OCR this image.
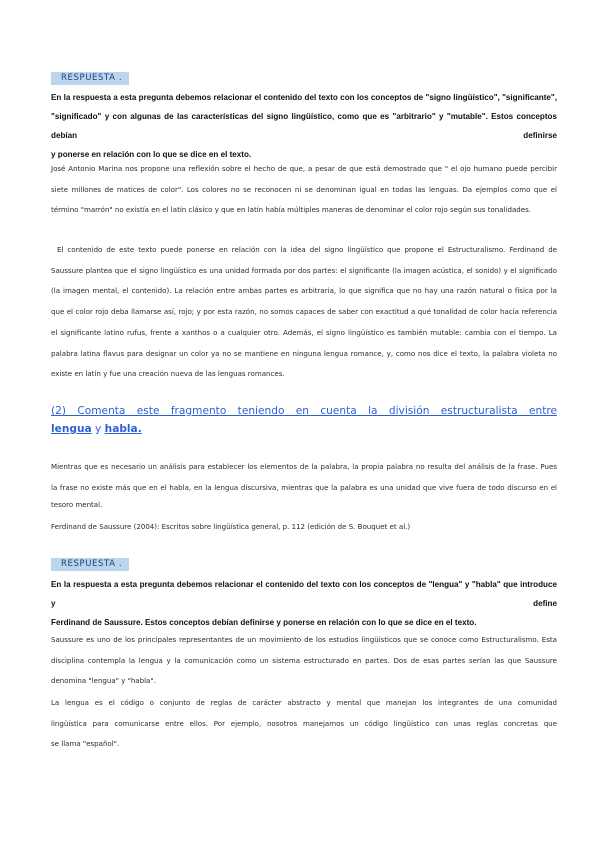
RESPUESTA .
En la respuesta a esta pregunta debemos relacionar el contenido del texto con los conceptos de "signo lingüístico", "significante",
"significado" y con algunas de las características del signo lingüístico, como que es "arbitrario" y "mutable". Estos conceptos debían definirse
y ponerse en relación con lo que se dice en el texto.
José Antonio Marina nos propone una reflexión sobre el hecho de que, a pesar de que está demostrado que " el ojo humano puede percibir
siete millones de matices de color". Los colores no se reconocen ni se denominan igual en todas las lenguas. Da ejemplos como que el
término "marrón" no existía en el latín clásico y que en latín había múltiples maneras de denominar el color rojo según sus tonalidades.
El contenido de este texto puede ponerse en relación con la idea del signo lingüístico que propone el Estructuralismo. Ferdinand de
Saussure plantea que el signo lingüístico es una unidad formada por dos partes: el significante (la imagen acústica, el sonido) y el significado
(la imagen mental, el contenido). La relación entre ambas partes es arbitraria, lo que significa que no hay una razón natural o física por la
que el color rojo deba llamarse así, rojo; y por esta razón, no somos capaces de saber con exactitud a qué tonalidad de color hacía referencia
el significante latino rufus, frente a xanthos o a cualquier otro. Además, el signo lingüístico es también mutable: cambia con el tiempo. La
palabra latina flavus para designar un color ya no se mantiene en ninguna lengua romance, y, como nos dice el texto, la palabra violeta no
existe en latín y fue una creación nueva de las lenguas romances.
(2) Comenta este fragmento teniendo en cuenta la división estructuralista entre
lengua y habla.
Mientras que es necesario un análisis para establecer los elementos de la palabra, la propia palabra no resulta del análisis de la frase. Pues
la frase no existe más que en el habla, en la lengua discursiva, mientras que la palabra es una unidad que vive fuera de todo discurso en el
tesoro mental.
Ferdinand de Saussure (2004): Escritos sobre lingüística general, p. 112 (edición de S. Bouquet et al.)
RESPUESTA .
En la respuesta a esta pregunta debemos relacionar el contenido del texto con los conceptos de "lengua" y "habla" que introduce y define
Ferdinand de Saussure. Estos conceptos debían definirse y ponerse en relación con lo que se dice en el texto.
Saussure es uno de los principales representantes de un movimiento de los estudios lingüísticos que se conoce como Estructuralismo. Esta
disciplina contempla la lengua y la comunicación como un sistema estructurado en partes. Dos de esas partes serían las que Saussure
denomina "lengua" y "habla".
La lengua es el código o conjunto de reglas de carácter abstracto y mental que manejan los integrantes de una comunidad
lingüística para comunicarse entre ellos. Por ejemplo, nosotros manejamos un código lingüístico con unas reglas concretas que
se llama "español".
